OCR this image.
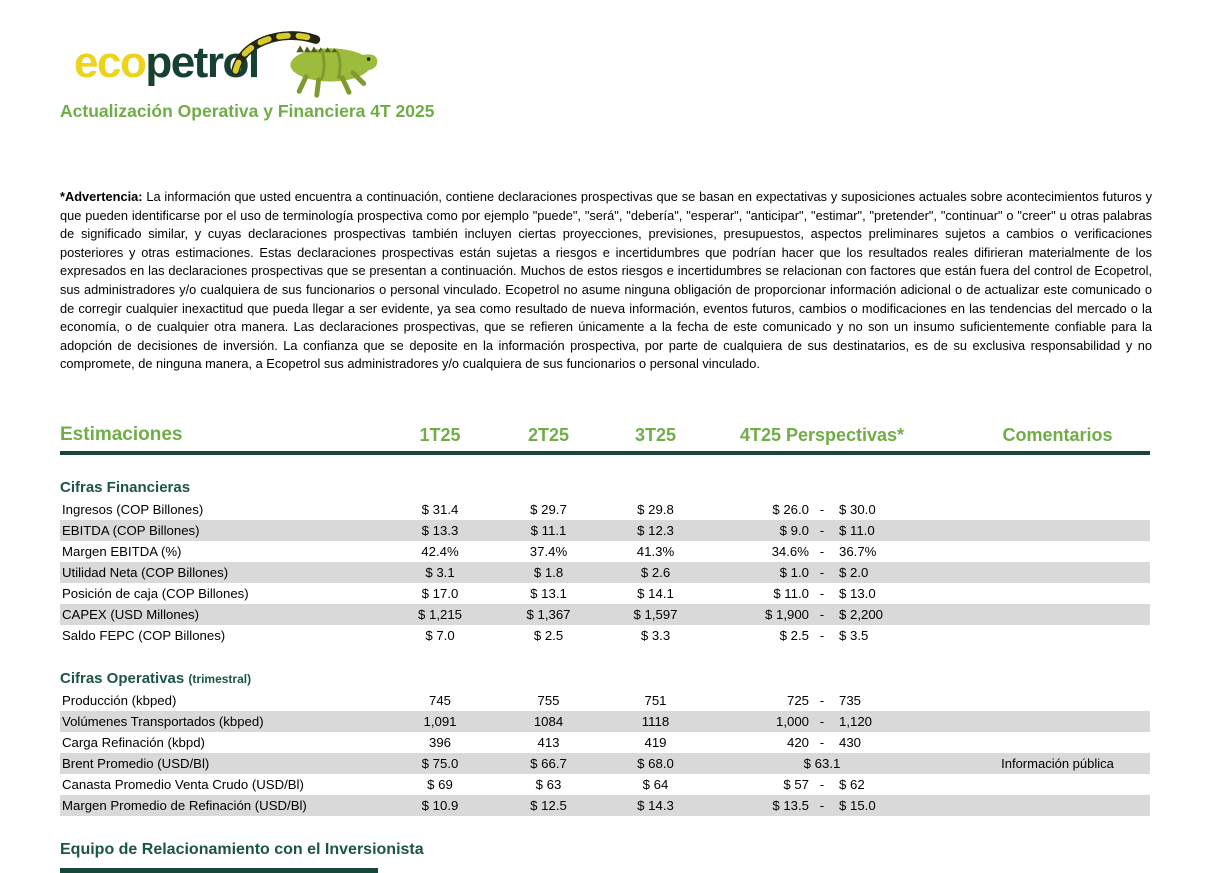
ecopetrol
Actualización Operativa y Financiera 4T 2025
*Advertencia: La información que usted encuentra a continuación, contiene declaraciones prospectivas que se basan en expectativas y suposiciones actuales sobre acontecimientos futuros y que pueden identificarse por el uso de terminología prospectiva como por ejemplo "puede", "será", "debería", "esperar", "anticipar", "estimar", "pretender", "continuar" o "creer" u otras palabras de significado similar, y cuyas declaraciones prospectivas también incluyen ciertas proyecciones, previsiones, presupuestos, aspectos preliminares sujetos a cambios o verificaciones posteriores y otras estimaciones. Estas declaraciones prospectivas están sujetas a riesgos e incertidumbres que podrían hacer que los resultados reales difirieran materialmente de los expresados en las declaraciones prospectivas que se presentan a continuación. Muchos de estos riesgos e incertidumbres se relacionan con factores que están fuera del control de Ecopetrol, sus administradores y/o cualquiera de sus funcionarios o personal vinculado. Ecopetrol no asume ninguna obligación de proporcionar información adicional o de actualizar este comunicado o de corregir cualquier inexactitud que pueda llegar a ser evidente, ya sea como resultado de nueva información, eventos futuros, cambios o modificaciones en las tendencias del mercado o la economía, o de cualquier otra manera. Las declaraciones prospectivas, que se refieren únicamente a la fecha de este comunicado y no son un insumo suficientemente confiable para la adopción de decisiones de inversión. La confianza que se deposite en la información prospectiva, por parte de cualquiera de sus destinatarios, es de su exclusiva responsabilidad y no compromete, de ninguna manera, a Ecopetrol sus administradores y/o cualquiera de sus funcionarios o personal vinculado.
Estimaciones	1T25	2T25	3T25	4T25 Perspectivas*	Comentarios
Cifras Financieras
Ingresos (COP Billones)	$ 31.4	$ 29.7	$ 29.8	$ 26.0 -	$ 30.0
EBITDA (COP Billones)	$ 13.3	$ 11.1	$ 12.3	$ 9.0 -	$ 11.0
Margen EBITDA (%)	42.4%	37.4%	41.3%	34.6% -	36.7%
Utilidad Neta (COP Billones)	$ 3.1	$ 1.8	$ 2.6	$ 1.0 -	$ 2.0
Posición de caja (COP Billones)	$ 17.0	$ 13.1	$ 14.1	$ 11.0 -	$ 13.0
CAPEX (USD Millones)	$ 1,215	$ 1,367	$ 1,597	$ 1,900 -	$ 2,200
Saldo FEPC (COP Billones)	$ 7.0	$ 2.5	$ 3.3	$ 2.5 -	$ 3.5
Cifras Operativas (trimestral)
Producción (kbped)	745	755	751	725 -	735
Volúmenes Transportados (kbped)	1,091	1084	1118	1,000 -	1,120
Carga Refinación (kbpd)	396	413	419	420 -	430
Brent Promedio (USD/Bl)	$ 75.0	$ 66.7	$ 68.0	$ 63.1	Información pública
Canasta Promedio Venta Crudo (USD/Bl)	$ 69	$ 63	$ 64	$ 57 -	$ 62
Margen Promedio de Refinación (USD/Bl)	$ 10.9	$ 12.5	$ 14.3	$ 13.5 -	$ 15.0
Equipo de Relacionamiento con el Inversionista
